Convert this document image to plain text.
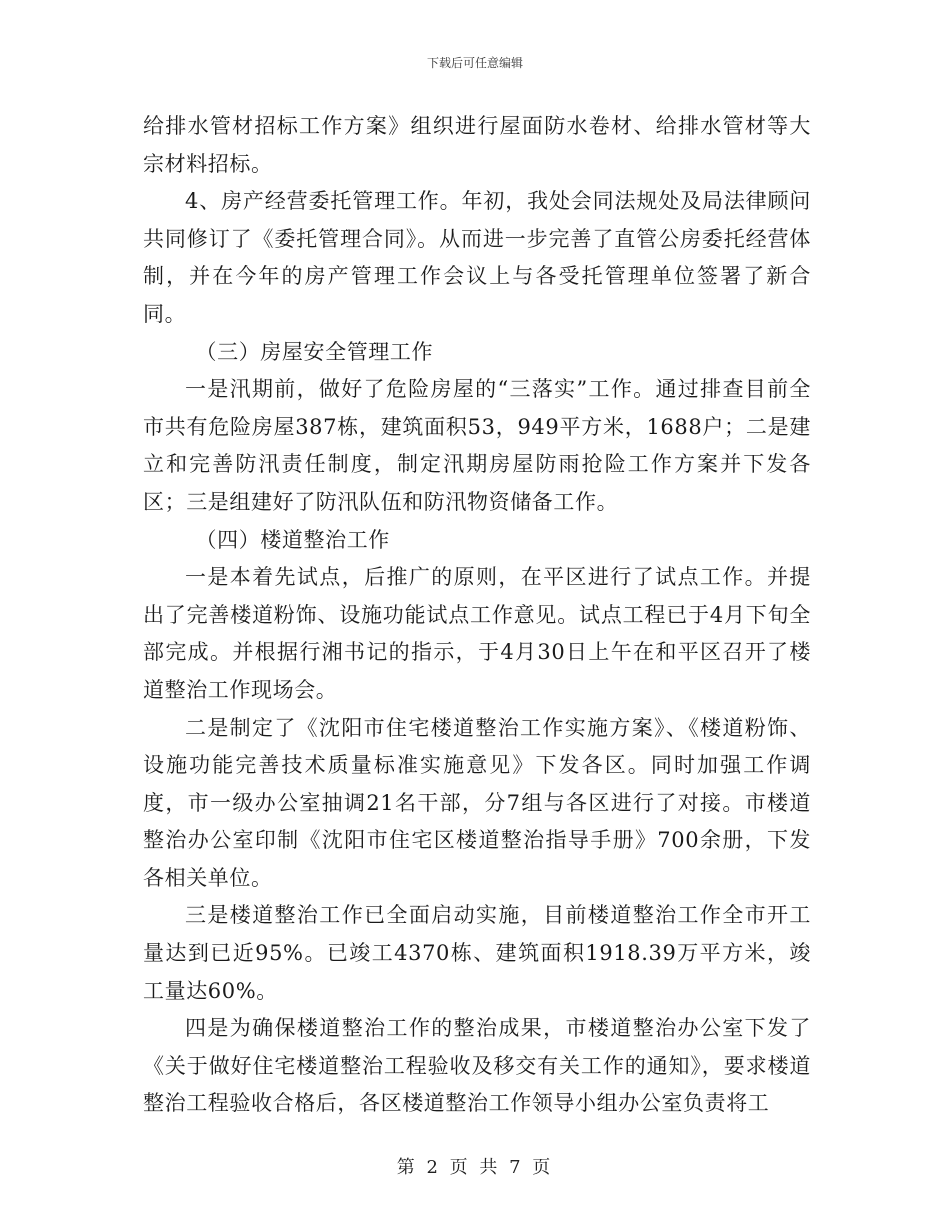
下载后可任意编辑

给排水管材招标工作方案》组织进行屋面防水卷材、给排水管材等大宗材料招标。

4、房产经营委托管理工作。年初，我处会同法规处及局法律顾问共同修订了《委托管理合同》。从而进一步完善了直管公房委托经营体制，并在今年的房产管理工作会议上与各受托管理单位签署了新合同。

（三）房屋安全管理工作

一是汛期前，做好了危险房屋的“三落实”工作。通过排查目前全市共有危险房屋387栋，建筑面积53，949平方米，1688户；二是建立和完善防汛责任制度，制定汛期房屋防雨抢险工作方案并下发各区；三是组建好了防汛队伍和防汛物资储备工作。

（四）楼道整治工作

一是本着先试点，后推广的原则，在平区进行了试点工作。并提出了完善楼道粉饰、设施功能试点工作意见。试点工程已于4月下旬全部完成。并根据行湘书记的指示，于4月30日上午在和平区召开了楼道整治工作现场会。

二是制定了《沈阳市住宅楼道整治工作实施方案》、《楼道粉饰、设施功能完善技术质量标准实施意见》下发各区。同时加强工作调度，市一级办公室抽调21名干部，分7组与各区进行了对接。市楼道整治办公室印制《沈阳市住宅区楼道整治指导手册》700余册，下发各相关单位。

三是楼道整治工作已全面启动实施，目前楼道整治工作全市开工量达到已近95%。已竣工4370栋、建筑面积1918.39万平方米，竣工量达60%。

四是为确保楼道整治工作的整治成果，市楼道整治办公室下发了《关于做好住宅楼道整治工程验收及移交有关工作的通知》，要求楼道整治工程验收合格后，各区楼道整治工作领导小组办公室负责将工

第 2 页 共 7 页
